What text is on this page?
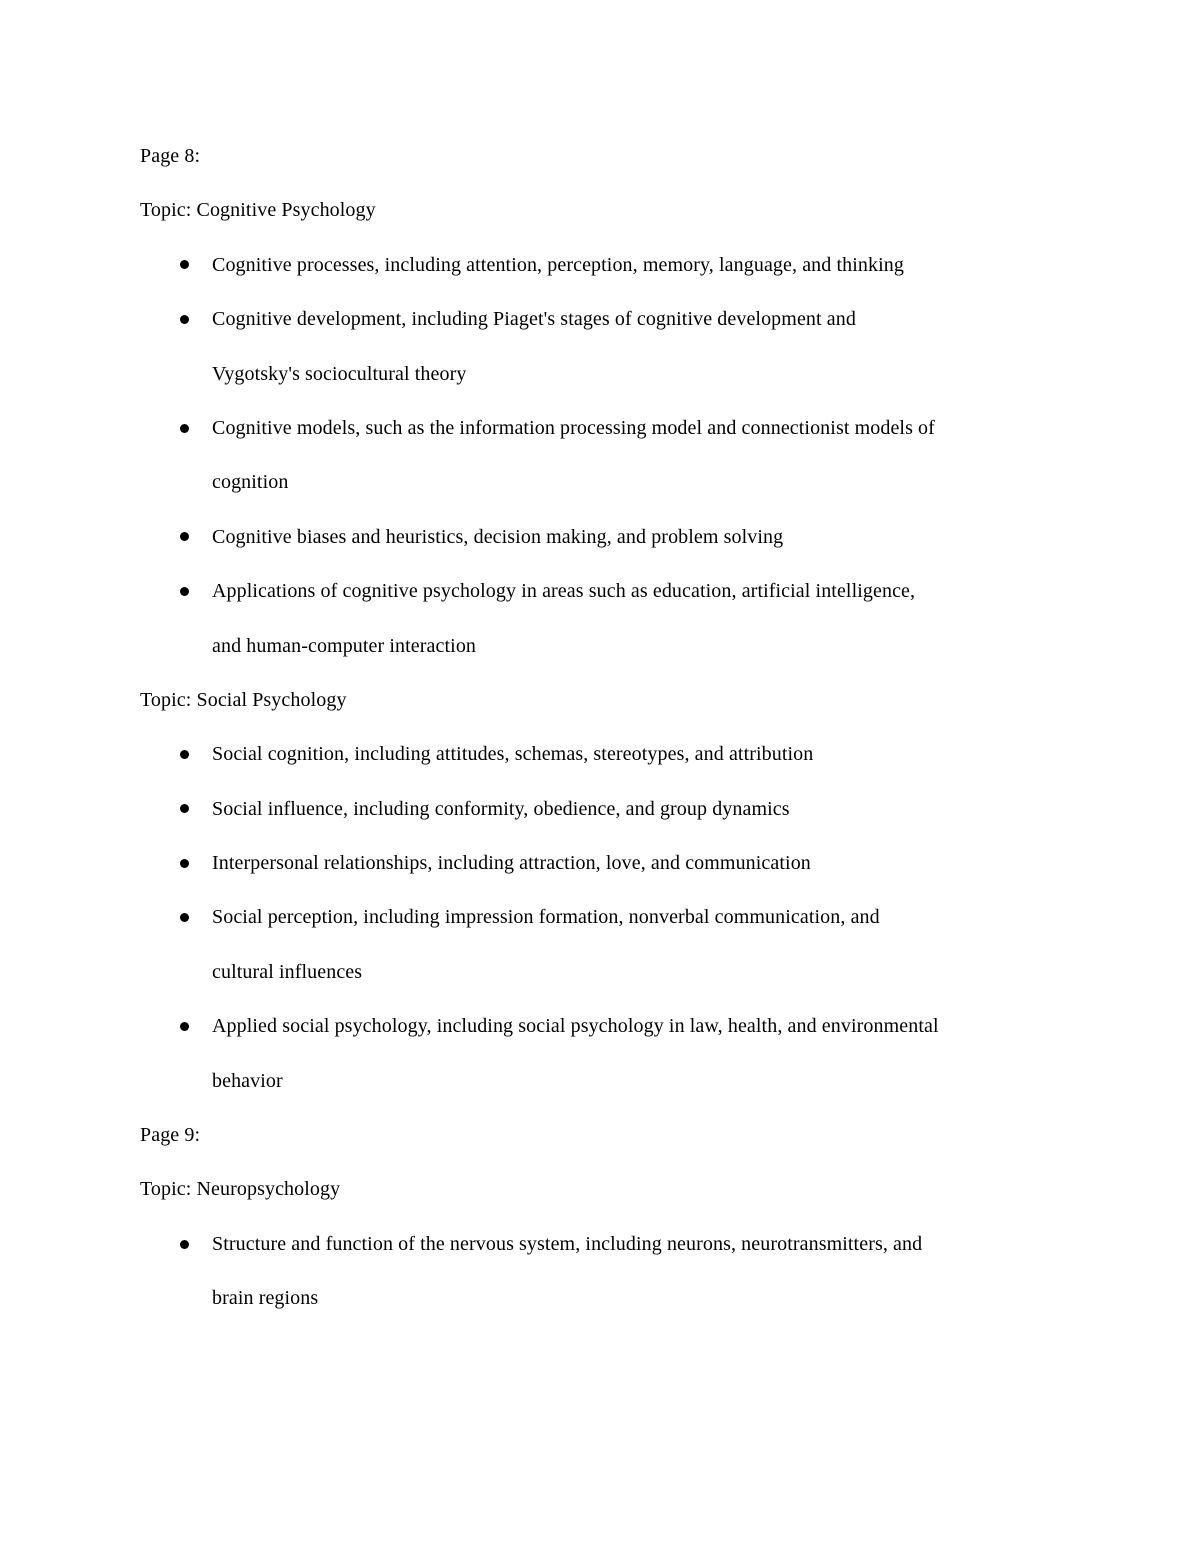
Page 8:
Topic: Cognitive Psychology
Cognitive processes, including attention, perception, memory, language, and thinking
Cognitive development, including Piaget's stages of cognitive development and
Vygotsky's sociocultural theory
Cognitive models, such as the information processing model and connectionist models of
cognition
Cognitive biases and heuristics, decision making, and problem solving
Applications of cognitive psychology in areas such as education, artificial intelligence,
and human-computer interaction
Topic: Social Psychology
Social cognition, including attitudes, schemas, stereotypes, and attribution
Social influence, including conformity, obedience, and group dynamics
Interpersonal relationships, including attraction, love, and communication
Social perception, including impression formation, nonverbal communication, and
cultural influences
Applied social psychology, including social psychology in law, health, and environmental
behavior
Page 9:
Topic: Neuropsychology
Structure and function of the nervous system, including neurons, neurotransmitters, and
brain regions
